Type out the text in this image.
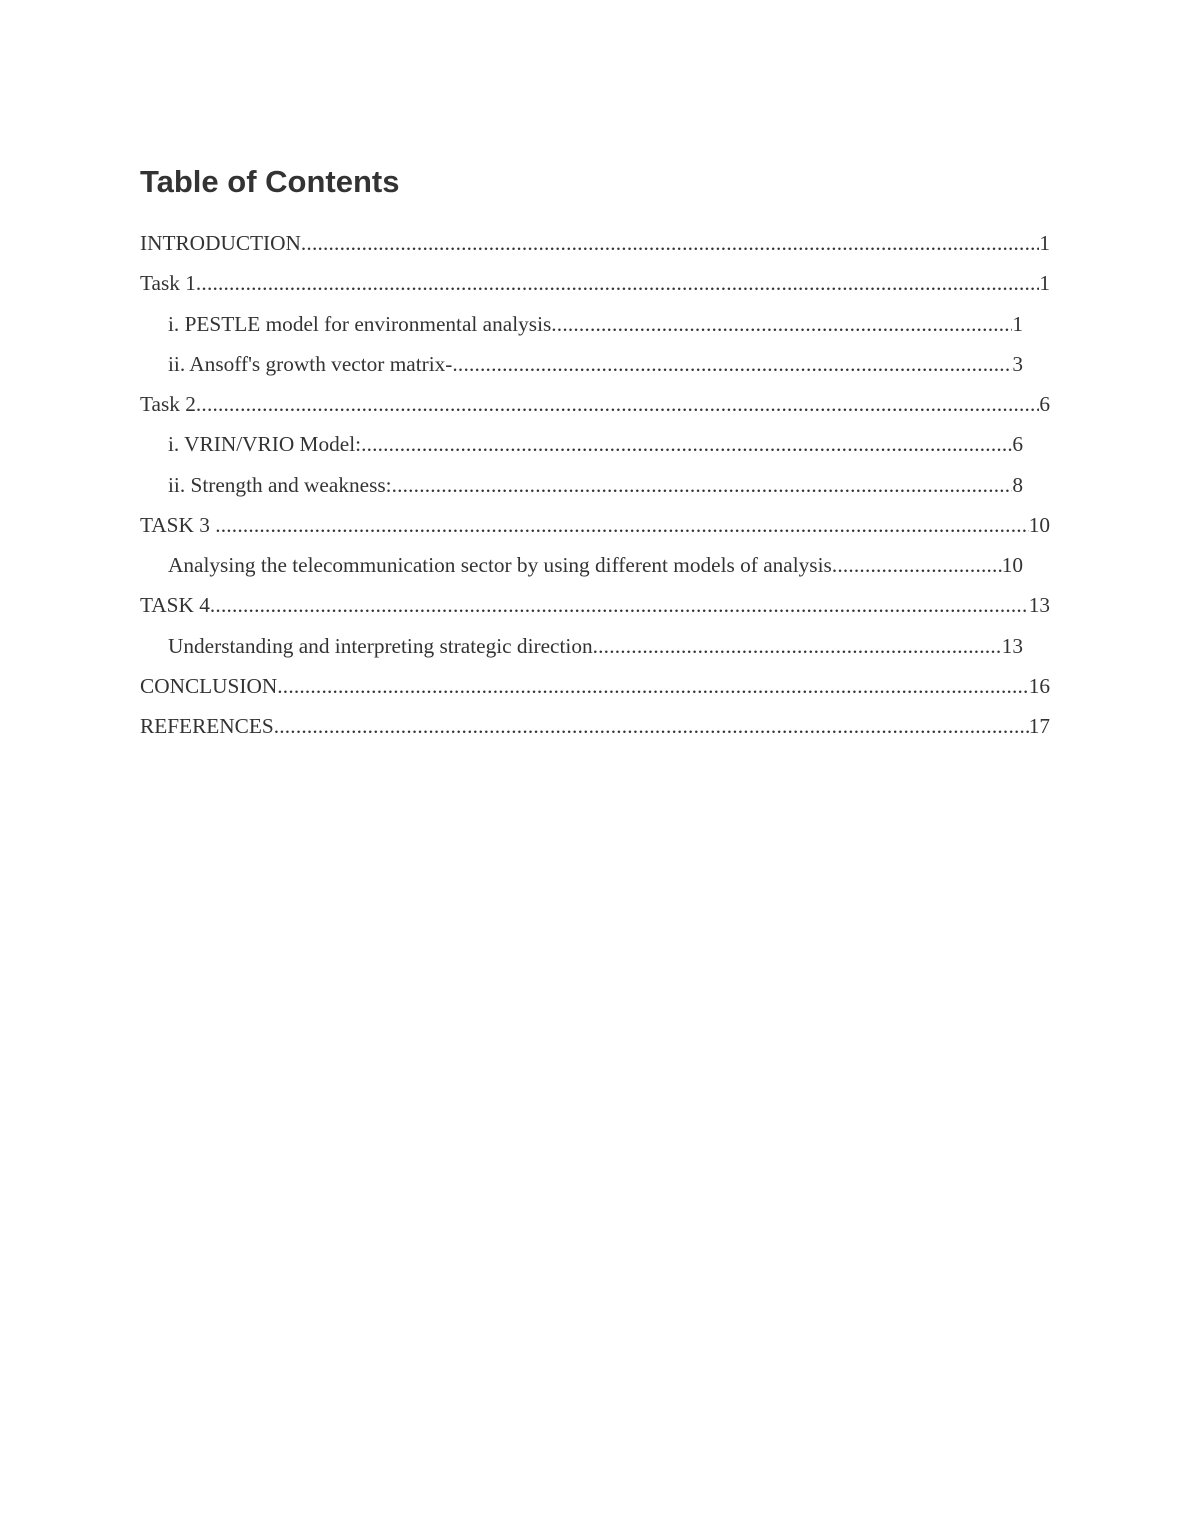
Table of Contents
INTRODUCTION .....	1
Task 1 .....	1
i. PESTLE model for environmental analysis .....	1
ii. Ansoff's growth vector matrix- .....	3
Task 2 .....	6
i. VRIN/VRIO Model: .....	6
ii. Strength and weakness: .....	8
TASK 3 .....	10
Analysing the telecommunication sector by using different models of analysis .....	10
TASK 4 .....	13
Understanding and interpreting strategic direction .....	13
CONCLUSION .....	16
REFERENCES .....	17
